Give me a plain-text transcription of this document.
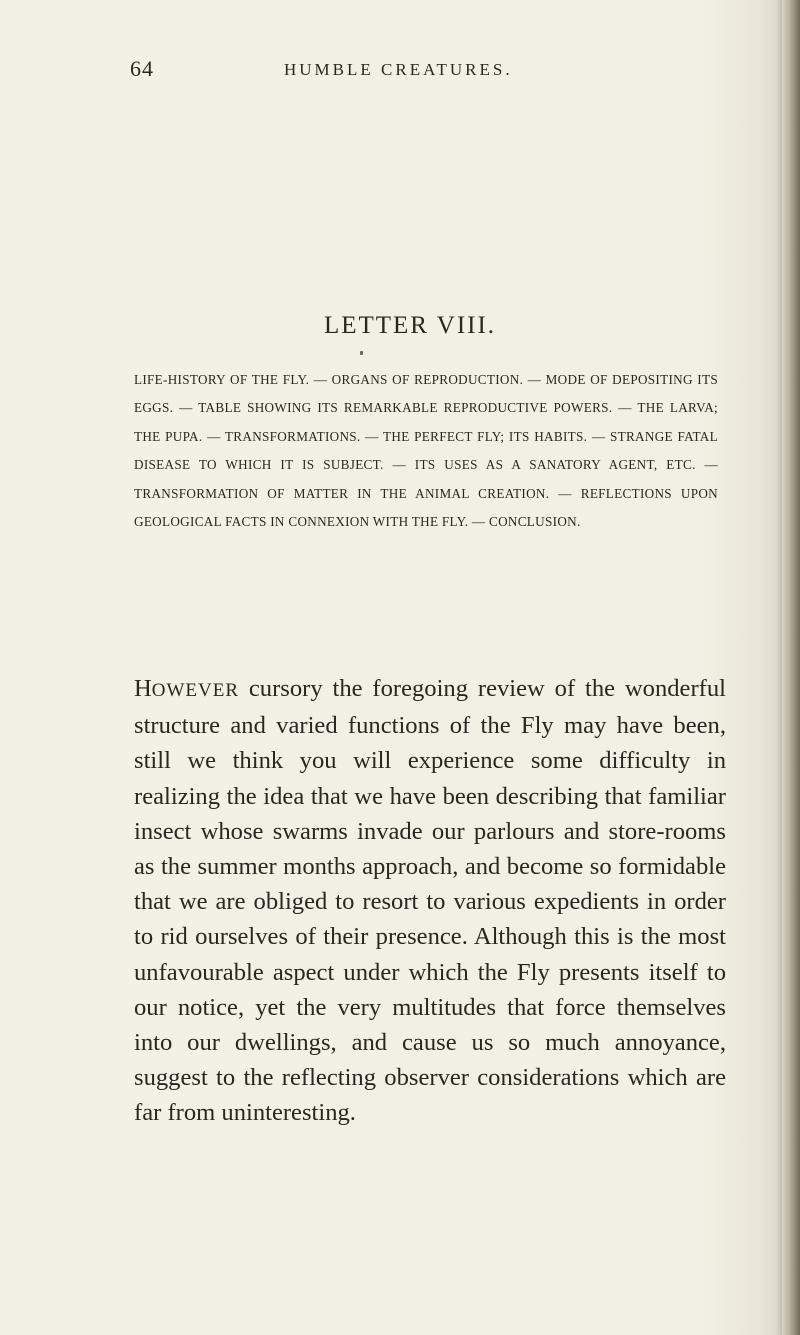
64	HUMBLE CREATURES.
LETTER VIII.
LIFE-HISTORY OF THE FLY. — ORGANS OF REPRODUCTION. — MODE OF DEPOSITING ITS EGGS. — TABLE SHOWING ITS REMARKABLE REPRODUCTIVE POWERS. — THE LARVA; THE PUPA. — TRANSFORMATIONS. — THE PERFECT FLY; ITS HABITS. — STRANGE FATAL DISEASE TO WHICH IT IS SUBJECT. — ITS USES AS A SANATORY AGENT, ETC. — TRANSFORMATION OF MATTER IN THE ANIMAL CREATION. — REFLECTIONS UPON GEOLOGICAL FACTS IN CONNEXION WITH THE FLY. — CONCLUSION.
HOWEVER cursory the foregoing review of the wonderful structure and varied functions of the Fly may have been, still we think you will experience some difficulty in realizing the idea that we have been describing that familiar insect whose swarms invade our parlours and store-rooms as the summer months approach, and become so formidable that we are obliged to resort to various expedients in order to rid ourselves of their presence. Although this is the most unfavourable aspect under which the Fly presents itself to our notice, yet the very multitudes that force themselves into our dwellings, and cause us so much annoyance, suggest to the reflecting observer considerations which are far from uninteresting.
